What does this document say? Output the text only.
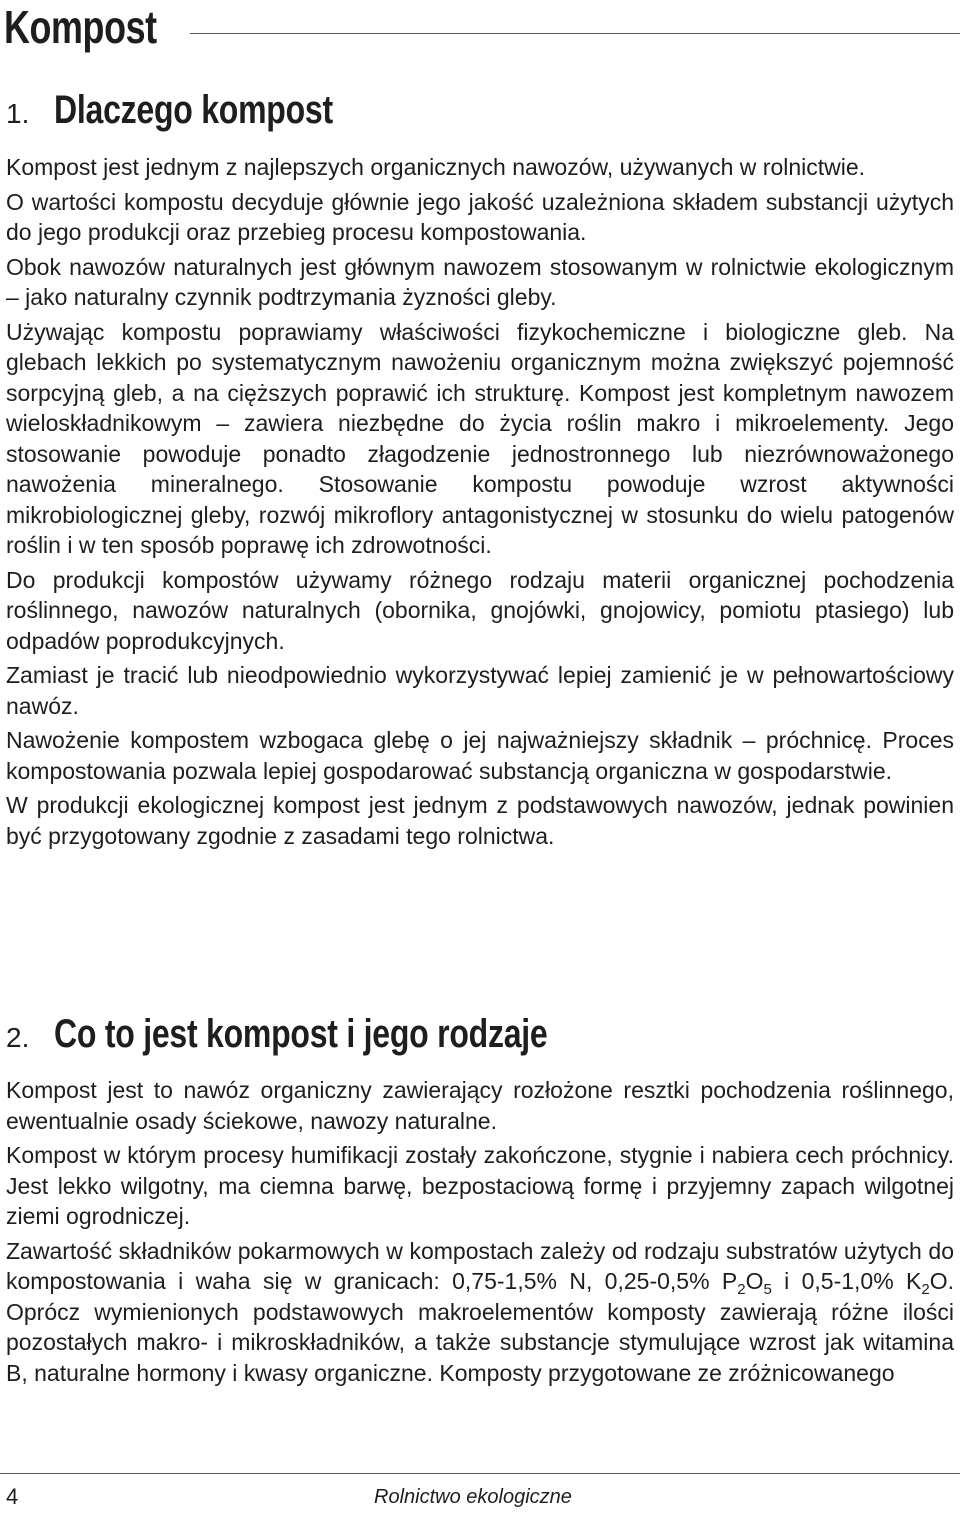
Kompost
1. Dlaczego kompost

Kompost jest jednym z najlepszych organicznych nawozów, używanych w rolnictwie.

O wartości kompostu decyduje głównie jego jakość uzależniona składem substancji użytych do jego produkcji oraz przebieg procesu kompostowania.

Obok nawozów naturalnych jest głównym nawozem stosowanym w rolnictwie ekologicznym – jako naturalny czynnik podtrzymania żyzności gleby.

Używając kompostu poprawiamy właściwości fizykochemiczne i biologiczne gleb. Na glebach lekkich po systematycznym nawożeniu organicznym można zwiększyć pojemność sorpcyjną gleb, a na cięższych poprawić ich strukturę. Kompost jest kompletnym nawozem wieloskładnikowym – zawiera niezbędne do życia roślin makro i mikroelementy. Jego stosowanie powoduje ponadto złagodzenie jednostronnego lub niezrównoważonego nawożenia mineralnego. Stosowanie kompostu powoduje wzrost aktywności mikrobiologicznej gleby, rozwój mikroflory antagonistycznej w stosunku do wielu patogenów roślin i w ten sposób poprawę ich zdrowotności.

Do produkcji kompostów używamy różnego rodzaju materii organicznej pochodzenia roślinnego, nawozów naturalnych (obornika, gnojówki, gnojowicy, pomiotu ptasiego) lub odpadów poprodukcyjnych.

Zamiast je tracić lub nieodpowiednio wykorzystywać lepiej zamienić je w pełnowartościowy nawóz.

Nawożenie kompostem wzbogaca glebę o jej najważniejszy składnik – próchnicę. Proces kompostowania pozwala lepiej gospodarować substancją organiczna w gospodarstwie.

W produkcji ekologicznej kompost jest jednym z podstawowych nawozów, jednak powinien być przygotowany zgodnie z zasadami tego rolnictwa.

2. Co to jest kompost i jego rodzaje

Kompost jest to nawóz organiczny zawierający rozłożone resztki pochodzenia roślinnego, ewentualnie osady ściekowe, nawozy naturalne.

Kompost w którym procesy humifikacji zostały zakończone, stygnie i nabiera cech próchnicy. Jest lekko wilgotny, ma ciemna barwę, bezpostaciową formę i przyjemny zapach wilgotnej ziemi ogrodniczej.

Zawartość składników pokarmowych w kompostach zależy od rodzaju substratów użytych do kompostowania i waha się w granicach: 0,75-1,5% N, 0,25-0,5% $P_2O_5$ i 0,5-1,0% $K_2O$. Oprócz wymienionych podstawowych makroelementów komposty zawierają różne ilości pozostałych makro- i mikroskładników, a także substancje stymulujące wzrost jak witamina B, naturalne hormony i kwasy organiczne. Komposty przygotowane ze zróżnicowanego

4	Rolnictwo ekologiczne
